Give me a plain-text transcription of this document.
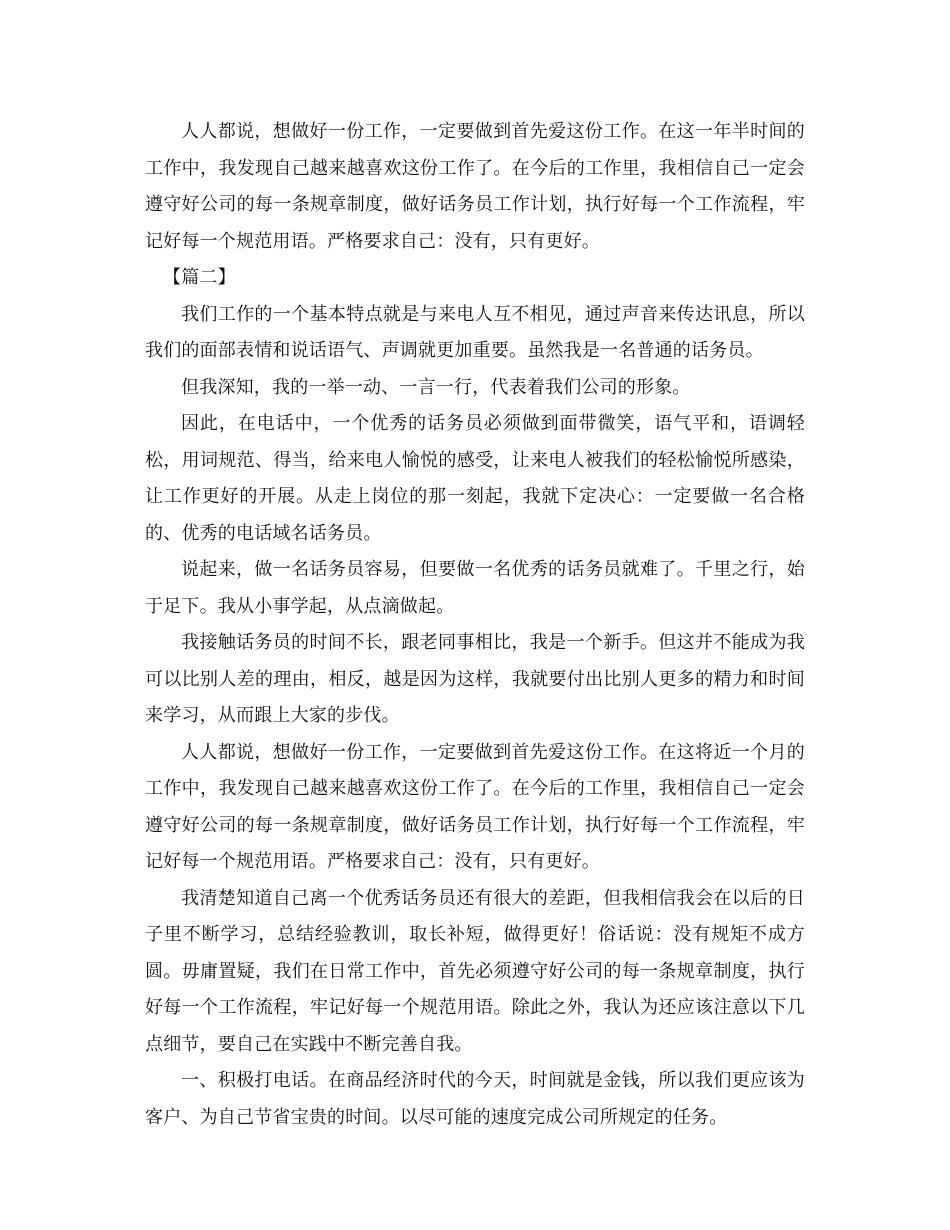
人人都说，想做好一份工作，一定要做到首先爱这份工作。在这一年半时间的工作中，我发现自己越来越喜欢这份工作了。在今后的工作里，我相信自己一定会遵守好公司的每一条规章制度，做好话务员工作计划，执行好每一个工作流程，牢记好每一个规范用语。严格要求自己：没有，只有更好。

【篇二】

我们工作的一个基本特点就是与来电人互不相见，通过声音来传达讯息，所以我们的面部表情和说话语气、声调就更加重要。虽然我是一名普通的话务员。

但我深知，我的一举一动、一言一行，代表着我们公司的形象。

因此，在电话中，一个优秀的话务员必须做到面带微笑，语气平和，语调轻松，用词规范、得当，给来电人愉悦的感受，让来电人被我们的轻松愉悦所感染，让工作更好的开展。从走上岗位的那一刻起，我就下定决心：一定要做一名合格的、优秀的电话域名话务员。

说起来，做一名话务员容易，但要做一名优秀的话务员就难了。千里之行，始于足下。我从小事学起，从点滴做起。

我接触话务员的时间不长，跟老同事相比，我是一个新手。但这并不能成为我可以比别人差的理由，相反，越是因为这样，我就要付出比别人更多的精力和时间来学习，从而跟上大家的步伐。

人人都说，想做好一份工作，一定要做到首先爱这份工作。在这将近一个月的工作中，我发现自己越来越喜欢这份工作了。在今后的工作里，我相信自己一定会遵守好公司的每一条规章制度，做好话务员工作计划，执行好每一个工作流程，牢记好每一个规范用语。严格要求自己：没有，只有更好。

我清楚知道自己离一个优秀话务员还有很大的差距，但我相信我会在以后的日子里不断学习，总结经验教训，取长补短，做得更好！俗话说：没有规矩不成方圆。毋庸置疑，我们在日常工作中，首先必须遵守好公司的每一条规章制度，执行好每一个工作流程，牢记好每一个规范用语。除此之外，我认为还应该注意以下几点细节，要自己在实践中不断完善自我。

一、积极打电话。在商品经济时代的今天，时间就是金钱，所以我们更应该为客户、为自己节省宝贵的时间。以尽可能的速度完成公司所规定的任务。
